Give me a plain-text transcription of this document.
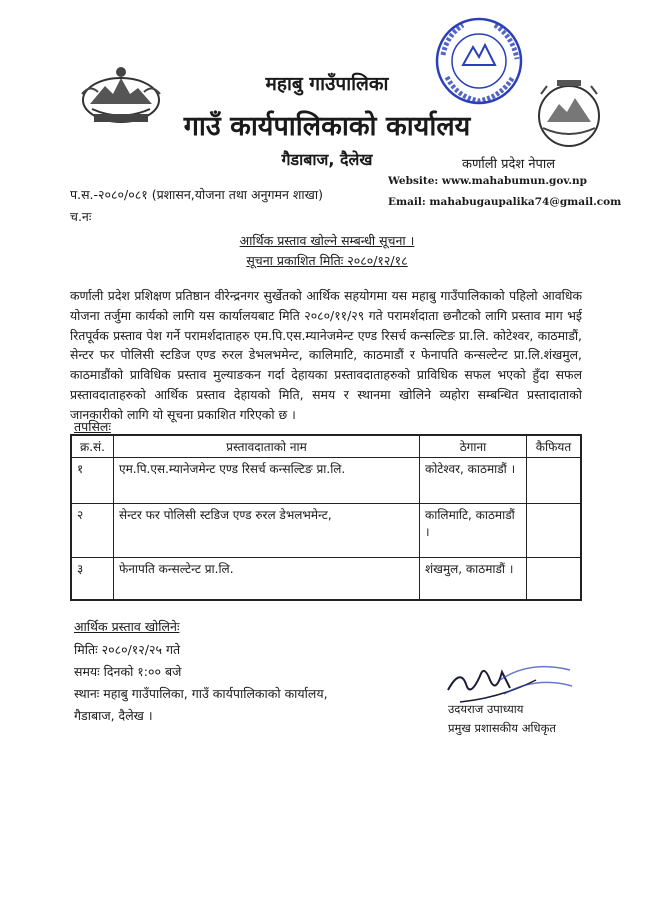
महाबु गाउँपालिका
गाउँ कार्यपालिकाको कार्यालय
गैडाबाज, दैलेख	कर्णाली प्रदेश नेपाल
प.स.-२०८०/०८१ (प्रशासन,योजना तथा अनुगमन शाखा)
च.नः
Website: www.mahabumun.gov.np
Email: mahabugaupalika74@gmail.com
आर्थिक प्रस्ताव खोल्ने सम्बन्धी सूचना ।
सूचना प्रकाशित मितिः २०८०/१२/१८
कर्णाली प्रदेश प्रशिक्षण प्रतिष्ठान वीरेन्द्रनगर सुर्खेतको आर्थिक सहयोगमा यस महाबु गाउँपालिकाको पहिलो आवधिक योजना तर्जुमा कार्यको लागि यस कार्यालयबाट मिति २०८०/११/२९ गते परामर्शदाता छनौटको लागि प्रस्ताव माग भई रितपूर्वक प्रस्ताव पेश गर्ने परामर्शदाताहरु एम.पि.एस.म्यानेजमेन्ट एण्ड रिसर्च कन्सल्टिङ प्रा.लि. कोटेश्वर, काठमाडौं, सेन्टर फर पोलिसी स्टडिज एण्ड रुरल डेभलभमेन्ट, कालिमाटि, काठमाडौं र फेनापति कन्सल्टेन्ट प्रा.लि.शंखमुल, काठमाडौंको प्राविधिक प्रस्ताव मुल्याङकन गर्दा देहायका प्रस्तावदाताहरुको प्राविधिक सफल भएको हुँदा सफल प्रस्तावदाताहरुको आर्थिक प्रस्ताव देहायको मिति, समय र स्थानमा खोलिने व्यहोरा सम्बन्धित प्रस्तादाताको जानकारीको लागि यो सूचना प्रकाशित गरिएको छ ।
तपसिलः
क्र.सं.	प्रस्तावदाताको नाम	ठेगाना	कैफियत
१	एम.पि.एस.म्यानेजमेन्ट एण्ड रिसर्च कन्सल्टिङ प्रा.लि.	कोटेश्वर, काठमाडौं ।	
२	सेन्टर फर पोलिसी स्टडिज एण्ड रुरल डेभलभमेन्ट,	कालिमाटि, काठमाडौं ।	
३	फेनापति कन्सल्टेन्ट प्रा.लि.	शंखमुल, काठमाडौं ।	
आर्थिक प्रस्ताव खोलिनेः
मितिः २०८०/१२/२५ गते
समयः दिनको १:०० बजे
स्थानः महाबु गाउँपालिका, गाउँ कार्यपालिकाको कार्यालय,
गैडाबाज, दैलेख ।	उदयराज उपाध्याय
प्रमुख प्रशासकीय अधिकृत
